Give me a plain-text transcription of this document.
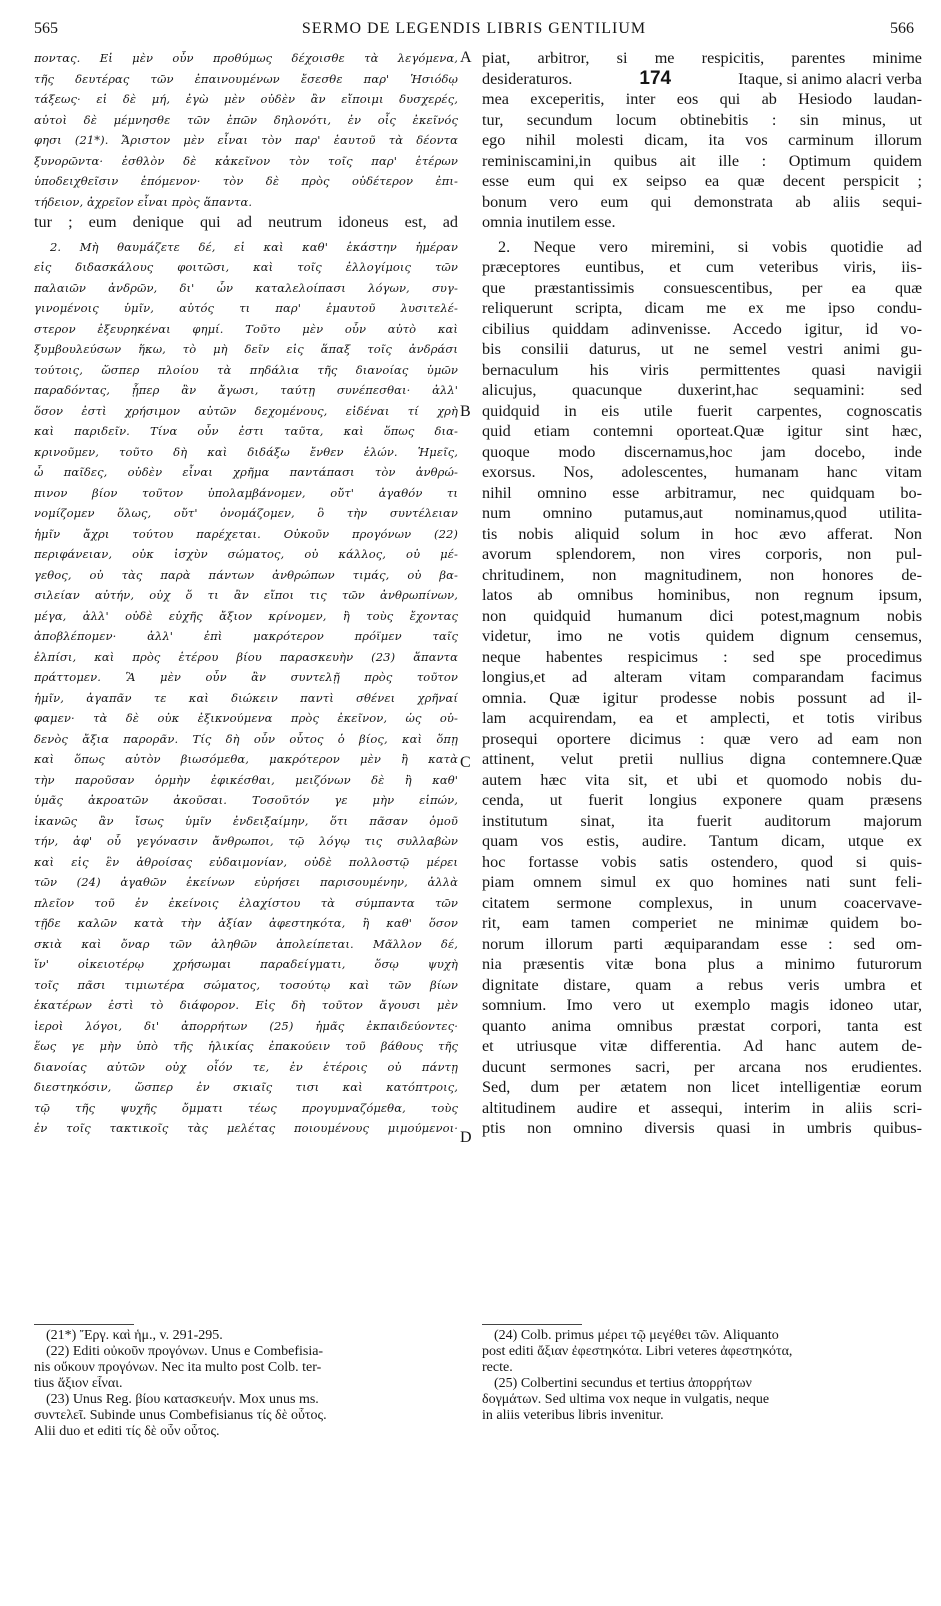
565	SERMO DE LEGENDIS LIBRIS GENTILIUM	566
ποντας. Εἰ μὲν οὖν προθύμως δέχοισθε τὰ λεγόμενα,
τῆς δευτέρας τῶν ἐπαινουμένων ἔσεσθε παρ' Ἡσιόδῳ
τάξεως· εἰ δὲ μή, ἐγὼ μὲν οὐδὲν ἂν εἴποιμι δυσχερές,
αὐτοὶ δὲ μέμνησθε τῶν ἐπῶν δηλονότι, ἐν οἷς ἐκεῖνός
φησι (21*). Ἄριστον μὲν εἶναι τὸν παρ' ἑαυτοῦ τὰ δέοντα
ξυνορῶντα· ἐσθλὸν δὲ κἀκεῖνον τὸν τοῖς παρ' ἑτέρων
ὑποδειχθεῖσιν ἑπόμενον· τὸν δὲ πρὸς οὐδέτερον ἐπι-
τήδειον, ἀχρεῖον εἶναι πρὸς ἅπαντα.
tur ; eum denique qui ad neutrum idoneus est, ad
2. Μὴ θαυμάζετε δέ, εἰ καὶ καθ' ἑκάστην ἡμέραν
εἰς διδασκάλους φοιτῶσι, καὶ τοῖς ἐλλογίμοις τῶν
παλαιῶν ἀνδρῶν, δι' ὧν καταλελοίπασι λόγων, συγ-
γινομένοις ὑμῖν, αὐτός τι παρ' ἐμαυτοῦ λυσιτελέ-
στερον ἐξευρηκέναι φημί. Τοῦτο μὲν οὖν αὐτὸ καὶ
ξυμβουλεύσων ἥκω, τὸ μὴ δεῖν εἰς ἅπαξ τοῖς ἀνδράσι
τούτοις, ὥσπερ πλοίου τὰ πηδάλια τῆς διανοίας ὑμῶν
παραδόντας, ᾗπερ ἂν ἄγωσι, ταύτῃ συνέπεσθαι· ἀλλ'
ὅσον ἐστὶ χρήσιμον αὐτῶν δεχομένους, εἰδέναι τί χρὴ
καὶ παριδεῖν. Τίνα οὖν ἐστι ταῦτα, καὶ ὅπως δια-
κρινοῦμεν, τοῦτο δὴ καὶ διδάξω ἔνθεν ἑλών. Ἡμεῖς,
ὦ παῖδες, οὐδὲν εἶναι χρῆμα παντάπασι τὸν ἀνθρώ-
πινον βίον τοῦτον ὑπολαμβάνομεν, οὔτ' ἀγαθόν τι
νομίζομεν ὅλως, οὔτ' ὀνομάζομεν, ὃ τὴν συντέλειαν
ἡμῖν ἄχρι τούτου παρέχεται. Οὐκοῦν προγόνων (22)
περιφάνειαν, οὐκ ἰσχὺν σώματος, οὐ κάλλος, οὐ μέ-
γεθος, οὐ τὰς παρὰ πάντων ἀνθρώπων τιμάς, οὐ βα-
σιλείαν αὐτήν, οὐχ ὅ τι ἂν εἴποι τις τῶν ἀνθρωπίνων,
μέγα, ἀλλ' οὐδὲ εὐχῆς ἄξιον κρίνομεν, ἢ τοὺς ἔχοντας
ἀποβλέπομεν· ἀλλ' ἐπὶ μακρότερον πρόϊμεν ταῖς
ἐλπίσι, καὶ πρὸς ἑτέρου βίου παρασκευὴν (23) ἅπαντα
πράττομεν. Ἃ μὲν οὖν ἂν συντελῇ πρὸς τοῦτον
ἡμῖν, ἀγαπᾶν τε καὶ διώκειν παντὶ σθένει χρῆναί
φαμεν· τὰ δὲ οὐκ ἐξικνούμενα πρὸς ἐκεῖνον, ὡς οὐ-
δενὸς ἄξια παρορᾶν. Τίς δὴ οὖν οὗτος ὁ βίος, καὶ ὅπῃ
καὶ ὅπως αὐτὸν βιωσόμεθα, μακρότερον μὲν ἢ κατὰ
τὴν παροῦσαν ὁρμὴν ἐφικέσθαι, μειζόνων δὲ ἢ καθ'
ὑμᾶς ἀκροατῶν ἀκοῦσαι. Τοσοῦτόν γε μὴν εἰπών,
ἱκανῶς ἂν ἴσως ὑμῖν ἐνδειξαίμην, ὅτι πᾶσαν ὁμοῦ
τήν, ἀφ' οὗ γεγόνασιν ἄνθρωποι, τῷ λόγῳ τις συλλαβὼν
καὶ εἰς ἓν ἀθροίσας εὐδαιμονίαν, οὐδὲ πολλοστῷ μέρει
τῶν (24) ἀγαθῶν ἐκείνων εὑρήσει παρισουμένην, ἀλλὰ
πλεῖον τοῦ ἐν ἐκείνοις ἐλαχίστου τὰ σύμπαντα τῶν
τῇδε καλῶν κατὰ τὴν ἀξίαν ἀφεστηκότα, ἢ καθ' ὅσον
σκιὰ καὶ ὄναρ τῶν ἀληθῶν ἀπολείπεται. Μᾶλλον δέ,
ἵν' οἰκειοτέρῳ χρήσωμαι παραδείγματι, ὅσῳ ψυχὴ
τοῖς πᾶσι τιμιωτέρα σώματος, τοσούτῳ καὶ τῶν βίων
ἑκατέρων ἐστὶ τὸ διάφορον. Εἰς δὴ τοῦτον ἄγουσι μὲν
ἱεροὶ λόγοι, δι' ἀπορρήτων (25) ἡμᾶς ἐκπαιδεύοντες·
ἕως γε μὴν ὑπὸ τῆς ἡλικίας ἐπακούειν τοῦ βάθους τῆς
διανοίας αὐτῶν οὐχ οἷόν τε, ἐν ἑτέροις οὐ πάντῃ
διεστηκόσιν, ὥσπερ ἐν σκιαῖς τισι καὶ κατόπτροις,
τῷ τῆς ψυχῆς ὄμματι τέως προγυμναζόμεθα, τοὺς
ἐν τοῖς τακτικοῖς τὰς μελέτας ποιουμένους μιμούμενοι·
piat, arbitror, si me respicitis, parentes minime
desideraturos.	174	Itaque, si animo alacri verba
mea exceperitis, inter eos qui ab Hesiodo laudan-
tur, secundum locum obtinebitis : sin minus, ut
ego nihil molesti dicam, ita vos carminum illorum
reminiscamini,in quibus ait ille : Optimum quidem
esse eum qui ex seipso ea quæ decent perspicit ;
bonum vero eum qui demonstrata ab aliis sequi-
omnia inutilem esse.
2. Neque vero miremini, si vobis quotidie ad
præceptores euntibus, et cum veteribus viris, iis-
que præstantissimis consuescentibus, per ea quæ
reliquerunt scripta, dicam me ex me ipso condu-
cibilius quiddam adinvenisse. Accedo igitur, id vo-
bis consilii daturus, ut ne semel vestri animi gu-
bernaculum his viris permittentes quasi navigii
alicujus, quacunque duxerint,hac sequamini: sed
quidquid in eis utile fuerit carpentes, cognoscatis
quid etiam contemni oporteat.Quæ igitur sint hæc,
quoque modo discernamus,hoc jam docebo, inde
exorsus. Nos, adolescentes, humanam hanc vitam
nihil omnino esse arbitramur, nec quidquam bo-
num omnino putamus,aut nominamus,quod utilita-
tis nobis aliquid solum in hoc ævo afferat. Non
avorum splendorem, non vires corporis, non pul-
chritudinem, non magnitudinem, non honores de-
latos ab omnibus hominibus, non regnum ipsum,
non quidquid humanum dici potest,magnum nobis
videtur, imo ne votis quidem dignum censemus,
neque habentes respicimus : sed spe procedimus
longius,et ad alteram vitam comparandam facimus
omnia. Quæ igitur prodesse nobis possunt ad il-
lam acquirendam, ea et amplecti, et totis viribus
prosequi oportere dicimus : quæ vero ad eam non
attinent, velut pretii nullius digna contemnere.Quæ
autem hæc vita sit, et ubi et quomodo nobis du-
cenda, ut fuerit longius exponere quam præsens
institutum sinat, ita fuerit auditorum majorum
quam vos estis, audire. Tantum dicam, utque ex
hoc fortasse vobis satis ostendero, quod si quis-
piam omnem simul ex quo homines nati sunt feli-
citatem sermone complexus, in unum coacervave-
rit, eam tamen comperiet ne minimæ quidem bo-
norum illorum parti æquiparandam esse : sed om-
nia præsentis vitæ bona plus a minimo futurorum
dignitate distare, quam a rebus veris umbra et
somnium. Imo vero ut exemplo magis idoneo utar,
quanto anima omnibus præstat corpori, tanta est
et utriusque vitæ differentia. Ad hanc autem de-
ducunt sermones sacri, per arcana nos erudientes.
Sed, dum per ætatem non licet intelligentiæ eorum
altitudinem audire et assequi, interim in aliis scri-
ptis non omnino diversis quasi in umbris quibus-
A
B
C
D
(21*) Ἔργ. καὶ ἡμ., v. 291-295.
(22) Editi οὐκοῦν προγόνων. Unus e Combefisia-
nis οὔκουν προγόνων. Nec ita multo post Colb. ter-
tius ἄξιον εἶναι.
(23) Unus Reg. βίου κατασκευήν. Mox unus ms.
συντελεῖ. Subinde unus Combefisianus τίς δὲ οὗτος.
Alii duo et editi τίς δὲ οὖν οὗτος.
(24) Colb. primus μέρει τῷ μεγέθει τῶν. Aliquanto
post editi ἄξιαν ἐφεστηκότα. Libri veteres ἀφεστηκότα,
recte.
(25) Colbertini secundus et tertius ἀπορρήτων
δογμάτων. Sed ultima vox neque in vulgatis, neque
in aliis veteribus libris invenitur.
